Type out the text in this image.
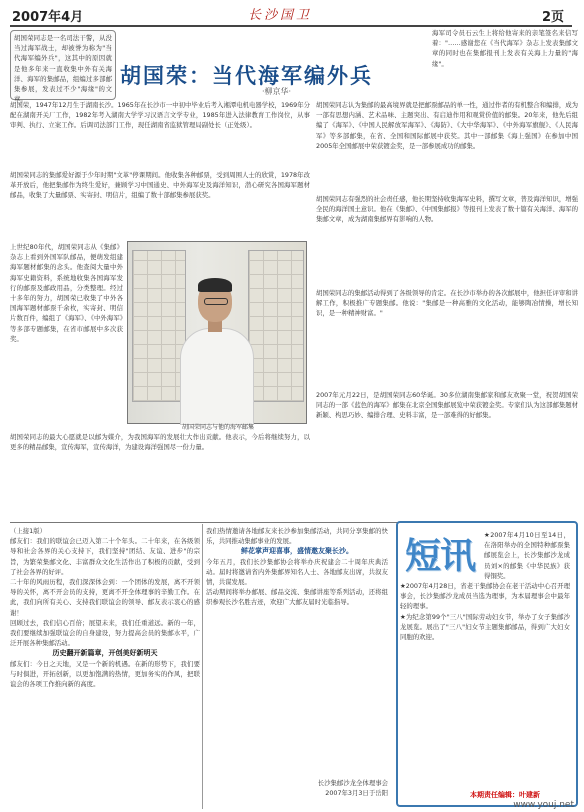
2007年4月	长沙国卫	2页
胡国荣同志是一名司法干警，从没当过海军战士，却被誉为称为"当代海军编外兵"，这其中的原因就是他多年来一直收集中外有关海洋、海军的集邮品，组编过多部邮集参展，发表过不少"海缘"的文章。
胡国荣：当代海军编外兵
·柳京华·
胡国荣，1947年12月生于湖南长沙。1965年在长沙市一中初中毕业后考入湘潭电机电器学校，1969年分配在湖南开关厂工作，1982年考入湖南大学学习汉语言文学专业，1985年进入法律教育工作岗位，从事审判、执行、立案工作。后调司法部门工作，现任湖南省监狱管理局副处长（正处级）。
胡国荣同志的集邮爱好源于少年时期"文革"停课期间。他收集各种邮票，受到周围人士的欣赏，1978年改革开放后，他把集邮作为终生爱好，兼顾学习中国通史、中外海军史及海洋知识，潜心研究各国海军题材邮品，收集了大量邮票、实寄封、明信片，组编了数十部邮集参展获奖。
上世纪80年代，胡国荣同志从《集邮》杂志上看到外国军队邮品，便萌发组建海军题材邮集的念头。他查阅大量中外海军史籍资料，系统地收集各国海军发行的邮票及邮政用品，分类整理。经过十多年的努力，胡国荣已收集了中外各国海军题材邮票千余枚，实寄封、明信片数百件，编组了《海军》、《中外海军》等多部专题邮集，在省市邮展中多次获奖。
胡国荣同志与他的海军邮集
胡国荣同志的最大心愿就是以邮为媒介，为我国海军的发展壮大作出贡献。他表示，今后将继续努力，以更多的精品邮集，宣传海军，宣传海洋，为建设海洋强国尽一份力量。
海军司令员石云生上将给他寄来的亲笔签名来信写着："……感谢您在《当代海军》杂志上发表集邮文章的同时也在集邮报刊上发表有关海上力量的"海缘"。
胡国荣同志认为集邮的最高境界就是把邮票邮品的单一性，通过作者的有机整合和编排，成为一部有思想内涵、艺术品味、主题突出、有启迪作用和观赏价值的邮集。20年来，他先后组编了《海军》、《中国人民解放军海军》、《海防》、《大中华海军》、《中外海军旗舰》、《人民海军》等多部邮集，在省、全国和国际邮展中获奖。其中一部邮集《海上强国》在参加中国2005年全国邮展中荣获镀金奖，是一部参展成功的邮集。
胡国荣同志有强烈的社会责任感，他长期坚持收集海军史料，撰写文章，普及海洋知识，增强全民的海洋国土意识。他在《集邮》、《中国集邮报》等报刊上发表了数十篇有关海洋、海军的集邮文章，成为湖南集邮界有影响的人物。
胡国荣同志的集邮活动得到了各级领导的肯定。在长沙市举办的各次邮展中，他担任评审和讲解工作，积极推广专题集邮。他说："集邮是一种高雅的文化活动，能够陶冶情操，增长知识，是一种精神财富。"
2007年元月22日，是胡国荣同志60华诞。30多位湖南集邮家和邮友欢聚一堂，祝贺胡国荣同志的一部《蓝色的海军》邮集在北京全国集邮展览中荣获镀金奖。专家们认为这部邮集题材新颖、构思巧妙、编排合理、史料丰富，是一部难得的好邮集。
（上接1版）
邮友们：我们的联谊会已迈入第二十个年头。二十年来，在各级领导和社会各界的关心支持下，我们坚持"团结、友谊、进步"的宗旨，为繁荣集邮文化、丰富群众文化生活作出了积极的贡献，受到了社会各界的好评。
二十年的风雨历程，我们深深体会到：一个团体的发展，离不开领导的关怀，离不开会员的支持，更离不开全体理事的辛勤工作。在此，我们向所有关心、支持我们联谊会的领导、邮友表示衷心的感谢！
回顾过去，我们信心百倍；展望未来，我们任重道远。新的一年，我们要继续加强联谊会的自身建设，努力提高会员的集邮水平，广泛开展各种集邮活动。
历史翻开新篇章，开创美好新明天
邮友们：今日之天地，又是一个新的机遇。在新的形势下，我们要与时俱进，开拓创新，以更加饱满的热情，更加务实的作风，把联谊会的各项工作推向新的高度。
我们热情邀请各地邮友来长沙参加集邮活动，共同分享集邮的快乐，共同推动集邮事业的发展。
鲜花掌声迎喜事，盛情邀友聚长沙。
今年五月，我们长沙集邮协会将举办庆祝建会二十周年庆典活动。届时将邀请省内外集邮界知名人士、各地邮友出席，共叙友情，共谋发展。
活动期间将举办邮展、邮品交流、集邮讲座等系列活动，还将组织参观长沙名胜古迹，欢迎广大邮友届时光临指导。
长沙集邮沙龙全体理事会
2007年3月3日于岳阳
短讯
★2007年4月10日至14日，在洛阳举办的全国特种邮票集邮展览会上，长沙集邮沙龙成员刘×的邮集《中华民族》获得铜奖。
★2007年4月28日，省老干集邮协会在老干活动中心召开理事会，长沙集邮沙龙成员当选为理事，为本届理事会中最年轻的理事。
★为纪念第99个"三八"国际劳动妇女节，举办了女子集邮沙龙展览。展出了"三八"妇女节主题集邮邮品，得到广大妇女同胞的欢迎。
本期责任编辑：叶建新
www.youj.net
